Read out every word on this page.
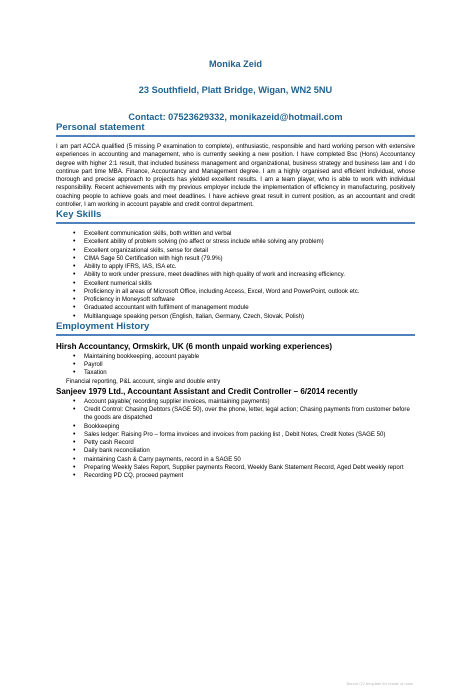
Monika Zeid
23 Southfield, Platt Bridge, Wigan, WN2 5NU
Contact: 07523629332, monikazeid@hotmail.com
Personal statement

I am part ACCA qualified (5 missing P examination to complete), enthusiastic, responsible and hard working person with extensive experiences in accounting and management, who is currently seeking a new position. I have completed Bsc (Hons) Accountancy degree with higher 2:1 result, that included business management and organizational, business strategy and business law and I do continue part time MBA. Finance, Accountancy and Management degree. I am a highly organised and efficient individual, whose thorough and precise approach to projects has yielded excellent results. I am a team player, who is able to work with individual responsibility. Recent achievements with my previous employer include the implementation of efficiency in manufacturing, positively coaching people to achieve goals and meet deadlines. I have achieve great result in current position, as an accountant and credit controller, I am working in account payable and credit control department.

Key Skills
• Excellent communication skills, both written and verbal
• Excellent ability of problem solving (no affect or stress include while solving any problem)
• Excellent organizational skills, sense for detail
• CIMA Sage 50 Certification with high result (79.9%)
• Ability to apply IFRS, IAS, ISA etc.
• Ability to work under pressure, meet deadlines with high quality of work and increasing efficiency.
• Excellent numerical skills
• Proficiency in all areas of Microsoft Office, including Access, Excel, Word and PowerPoint, outlook etc.
• Proficiency in Moneysoft software
• Graduated accountant with fulfilment of management module
• Multilanguage speaking person (English, Italian, Germany, Czech, Slovak, Polish)
Employment History
Hirsh Accountancy, Ormskirk, UK (6 month unpaid working experiences)
• Maintaining bookkeeping, account payable
• Payroll
• Taxation
Financial reporting, P&L account, single and double entry
Sanjeev 1979 Ltd., Accountant Assistant and Credit Controller – 6/2014 recently
• Account payable( recording supplier invoices, maintaining payments)
• Credit Control: Chasing Debtors (SAGE 50), over the phone, letter, legal action; Chasing payments from customer before the goods are dispatched
• Bookkeeping
• Sales ledger: Raising Pro – forma invoices and invoices from packing list , Debit Notes, Credit Notes (SAGE 50)
• Petty cash Record
• Daily bank reconciliation
• maintaining Cash & Carry payments, record in a SAGE 50
• Preparing Weekly Sales Report, Supplier payments Record, Weekly Bank Statement Record, Aged Debt weekly report
• Recording PD CQ, proceed payment
Bound CV template for resale on sale
